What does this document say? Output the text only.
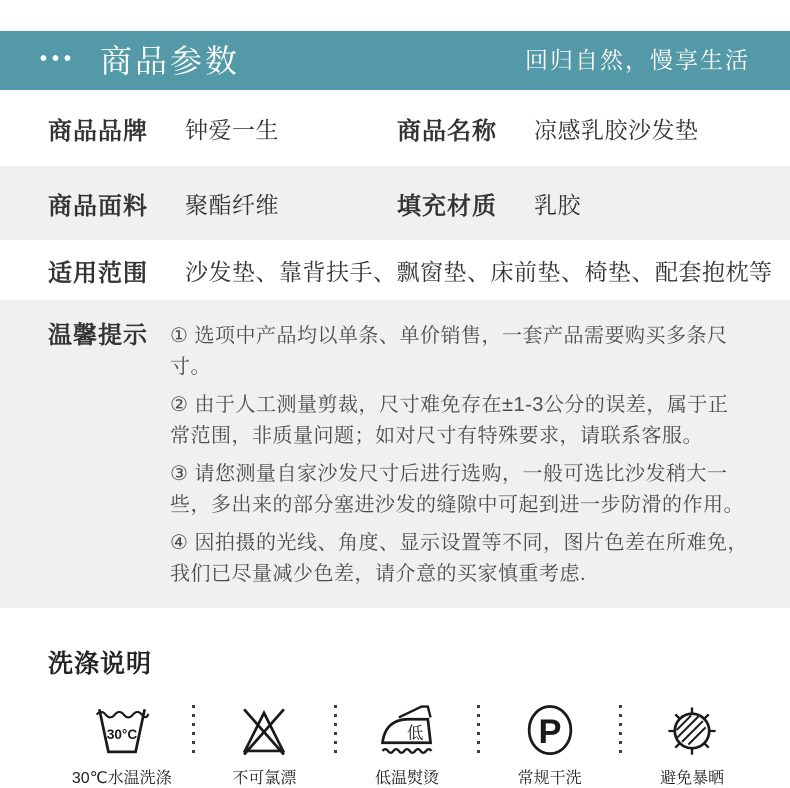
••• 商品参数	回归自然，慢享生活
商品品牌	钟爱一生	商品名称	凉感乳胶沙发垫
商品面料	聚酯纤维	填充材质	乳胶
适用范围	沙发垫、靠背扶手、飘窗垫、床前垫、椅垫、配套抱枕等
温馨提示	① 选项中产品均以单条、单价销售，一套产品需要购买多条尺寸。

② 由于人工测量剪裁，尺寸难免存在±1-3公分的误差，属于正常范围，非质量问题；如对尺寸有特殊要求，请联系客服。

③ 请您测量自家沙发尺寸后进行选购，一般可选比沙发稍大一些，多出来的部分塞进沙发的缝隙中可起到进一步防滑的作用。

④ 因拍摄的光线、角度、显示设置等不同，图片色差在所难免，我们已尽量减少色差，请介意的买家慎重考虑.

洗涤说明
30°C
30℃水温洗涤	不可氯漂
低
低温熨烫
P
常规干洗	避免暴晒
